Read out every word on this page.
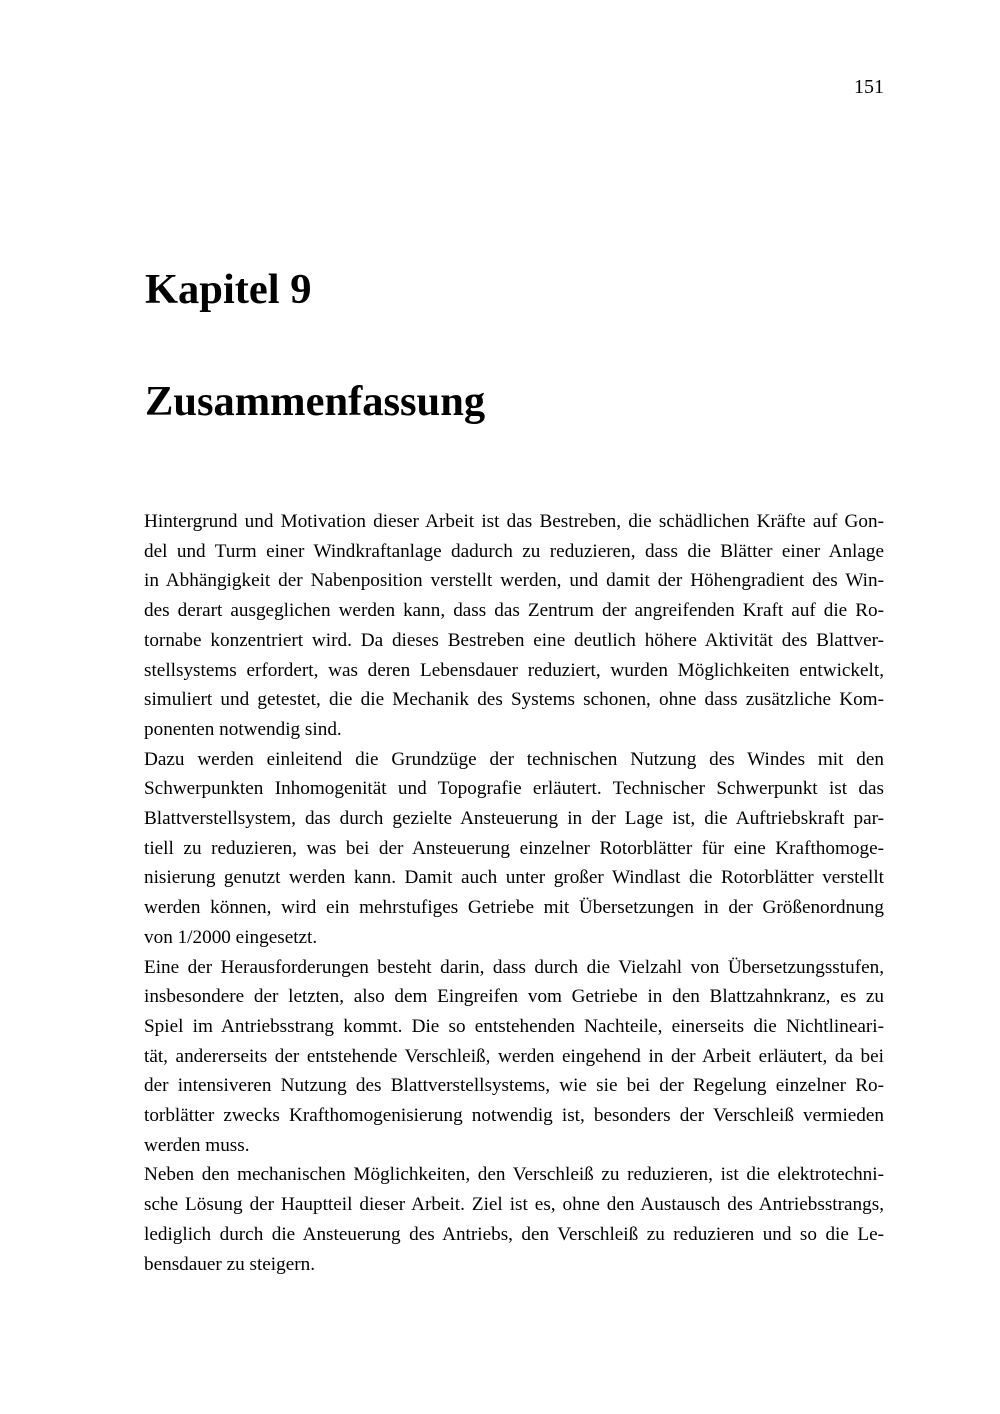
151
Kapitel 9
Zusammenfassung
Hintergrund und Motivation dieser Arbeit ist das Bestreben, die schädlichen Kräfte auf Gon-
del und Turm einer Windkraftanlage dadurch zu reduzieren, dass die Blätter einer Anlage
in Abhängigkeit der Nabenposition verstellt werden, und damit der Höhengradient des Win-
des derart ausgeglichen werden kann, dass das Zentrum der angreifenden Kraft auf die Ro-
tornabe konzentriert wird. Da dieses Bestreben eine deutlich höhere Aktivität des Blattver-
stellsystems erfordert, was deren Lebensdauer reduziert, wurden Möglichkeiten entwickelt,
simuliert und getestet, die die Mechanik des Systems schonen, ohne dass zusätzliche Kom-
ponenten notwendig sind.
Dazu werden einleitend die Grundzüge der technischen Nutzung des Windes mit den
Schwerpunkten Inhomogenität und Topografie erläutert. Technischer Schwerpunkt ist das
Blattverstellsystem, das durch gezielte Ansteuerung in der Lage ist, die Auftriebskraft par-
tiell zu reduzieren, was bei der Ansteuerung einzelner Rotorblätter für eine Krafthomoge-
nisierung genutzt werden kann. Damit auch unter großer Windlast die Rotorblätter verstellt
werden können, wird ein mehrstufiges Getriebe mit Übersetzungen in der Größenordnung
von 1/2000 eingesetzt.
Eine der Herausforderungen besteht darin, dass durch die Vielzahl von Übersetzungsstufen,
insbesondere der letzten, also dem Eingreifen vom Getriebe in den Blattzahnkranz, es zu
Spiel im Antriebsstrang kommt. Die so entstehenden Nachteile, einerseits die Nichtlineari-
tät, andererseits der entstehende Verschleiß, werden eingehend in der Arbeit erläutert, da bei
der intensiveren Nutzung des Blattverstellsystems, wie sie bei der Regelung einzelner Ro-
torblätter zwecks Krafthomogenisierung notwendig ist, besonders der Verschleiß vermieden
werden muss.
Neben den mechanischen Möglichkeiten, den Verschleiß zu reduzieren, ist die elektrotechni-
sche Lösung der Hauptteil dieser Arbeit. Ziel ist es, ohne den Austausch des Antriebsstrangs,
lediglich durch die Ansteuerung des Antriebs, den Verschleiß zu reduzieren und so die Le-
bensdauer zu steigern.
